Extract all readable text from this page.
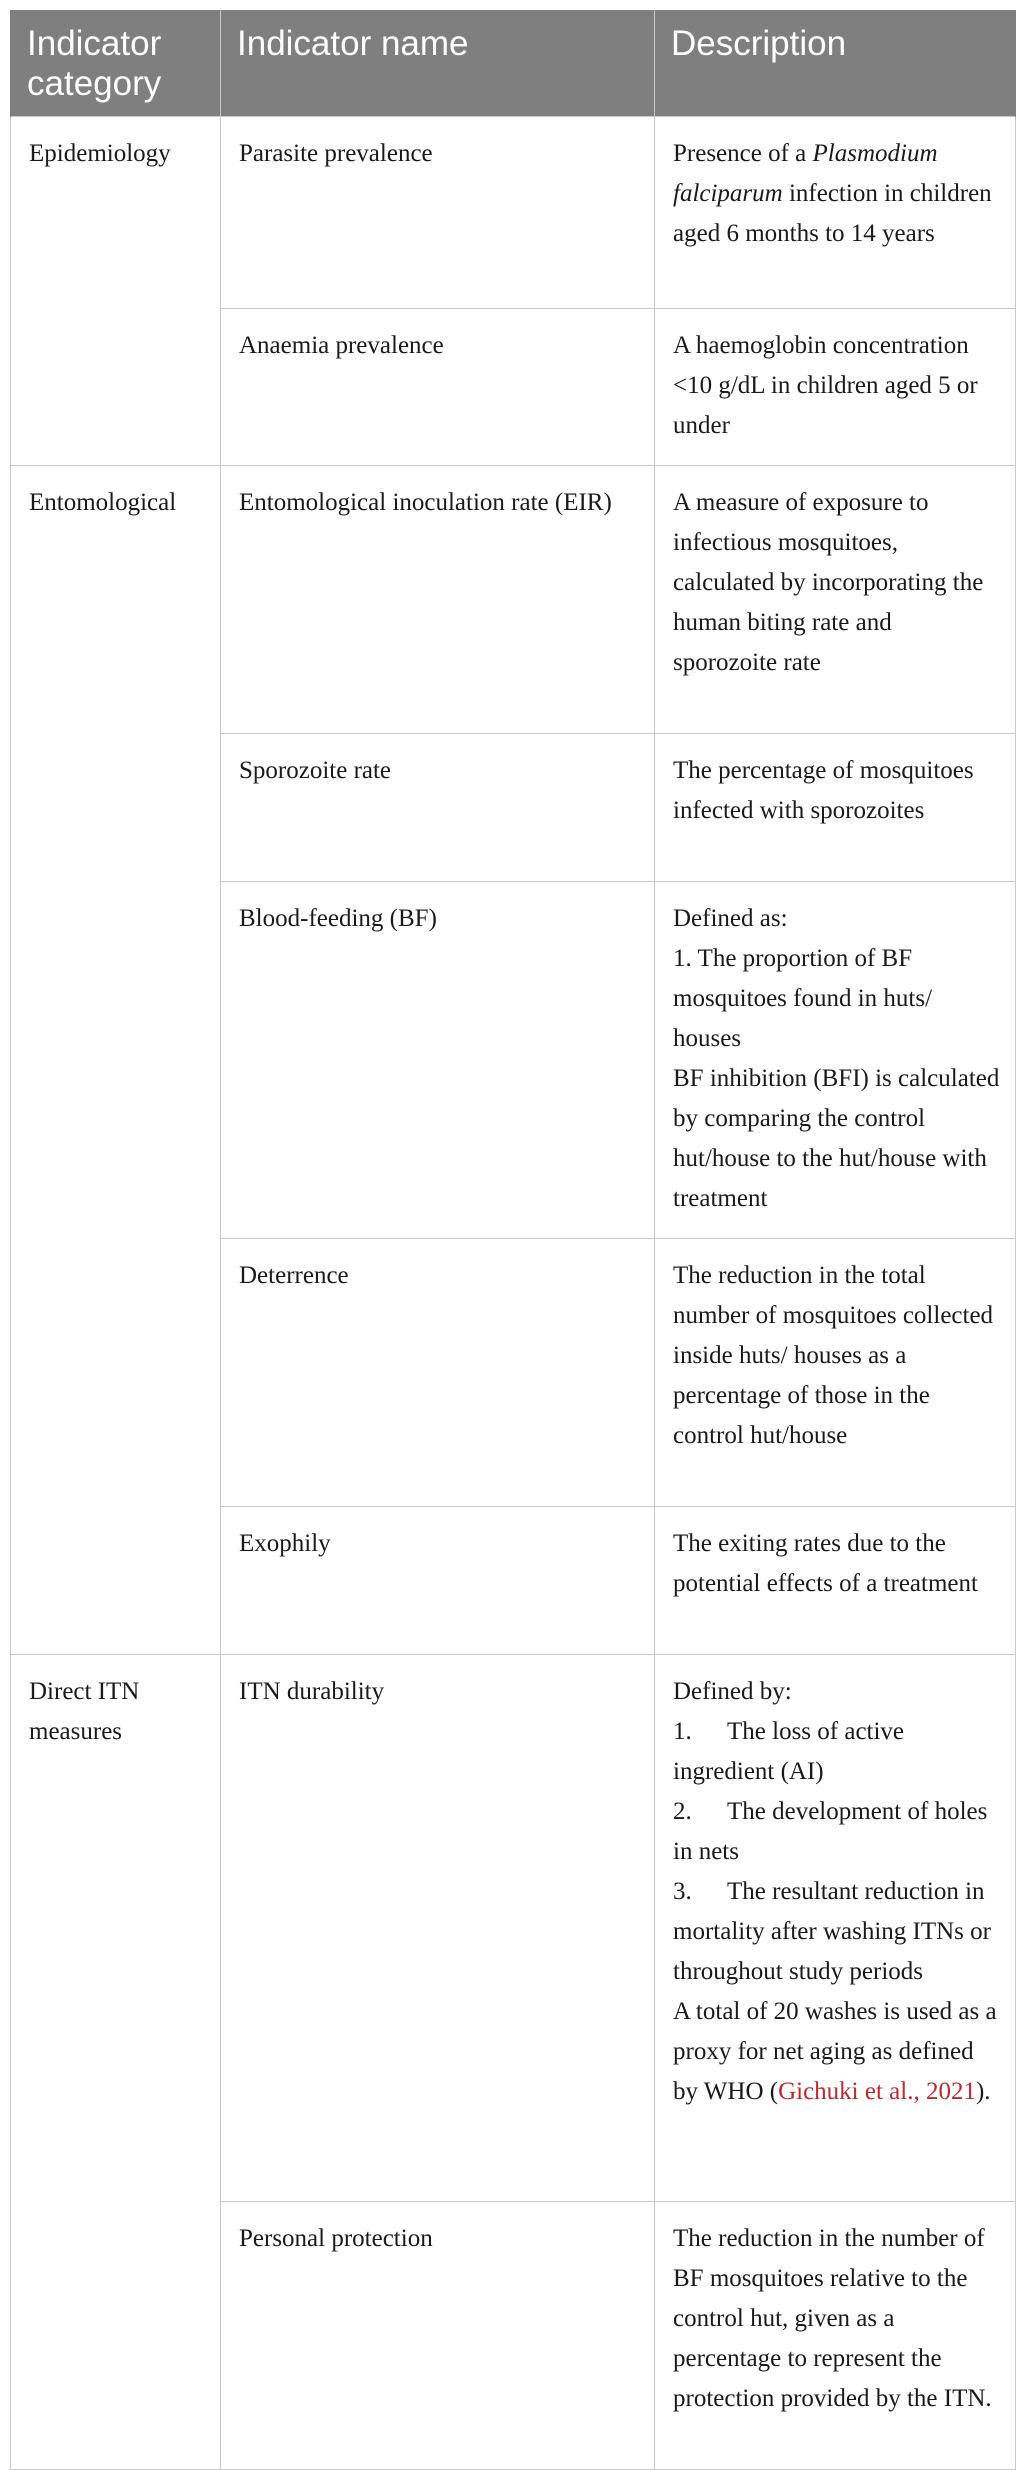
Indicator category	Indicator name	Description
Epidemiology	Parasite prevalence	Presence of a Plasmodium falciparum infection in children aged 6 months to 14 years
	Anaemia prevalence	A haemoglobin concentration <10 g/dL in children aged 5 or under
Entomological	Entomological inoculation rate (EIR)	A measure of exposure to infectious mosquitoes, calculated by incorporating the human biting rate and sporozoite rate
	Sporozoite rate	The percentage of mosquitoes infected with sporozoites
	Blood-feeding (BF)	Defined as:
1. The proportion of BF mosquitoes found in huts/ houses
BF inhibition (BFI) is calculated by comparing the control hut/house to the hut/house with treatment

	Deterrence	The reduction in the total number of mosquitoes collected inside huts/ houses as a percentage of those in the control hut/house
	Exophily	The exiting rates due to the potential effects of a treatment
Direct ITN measures	ITN durability	Defined by:
1. The loss of active ingredient (AI)
2. The development of holes in nets
3. The resultant reduction in mortality after washing ITNs or throughout study periods
A total of 20 washes is used as a proxy for net aging as defined by WHO (Gichuki et al., 2021).
	Personal protection	The reduction in the number of BF mosquitoes relative to the control hut, given as a percentage to represent the protection provided by the ITN.
